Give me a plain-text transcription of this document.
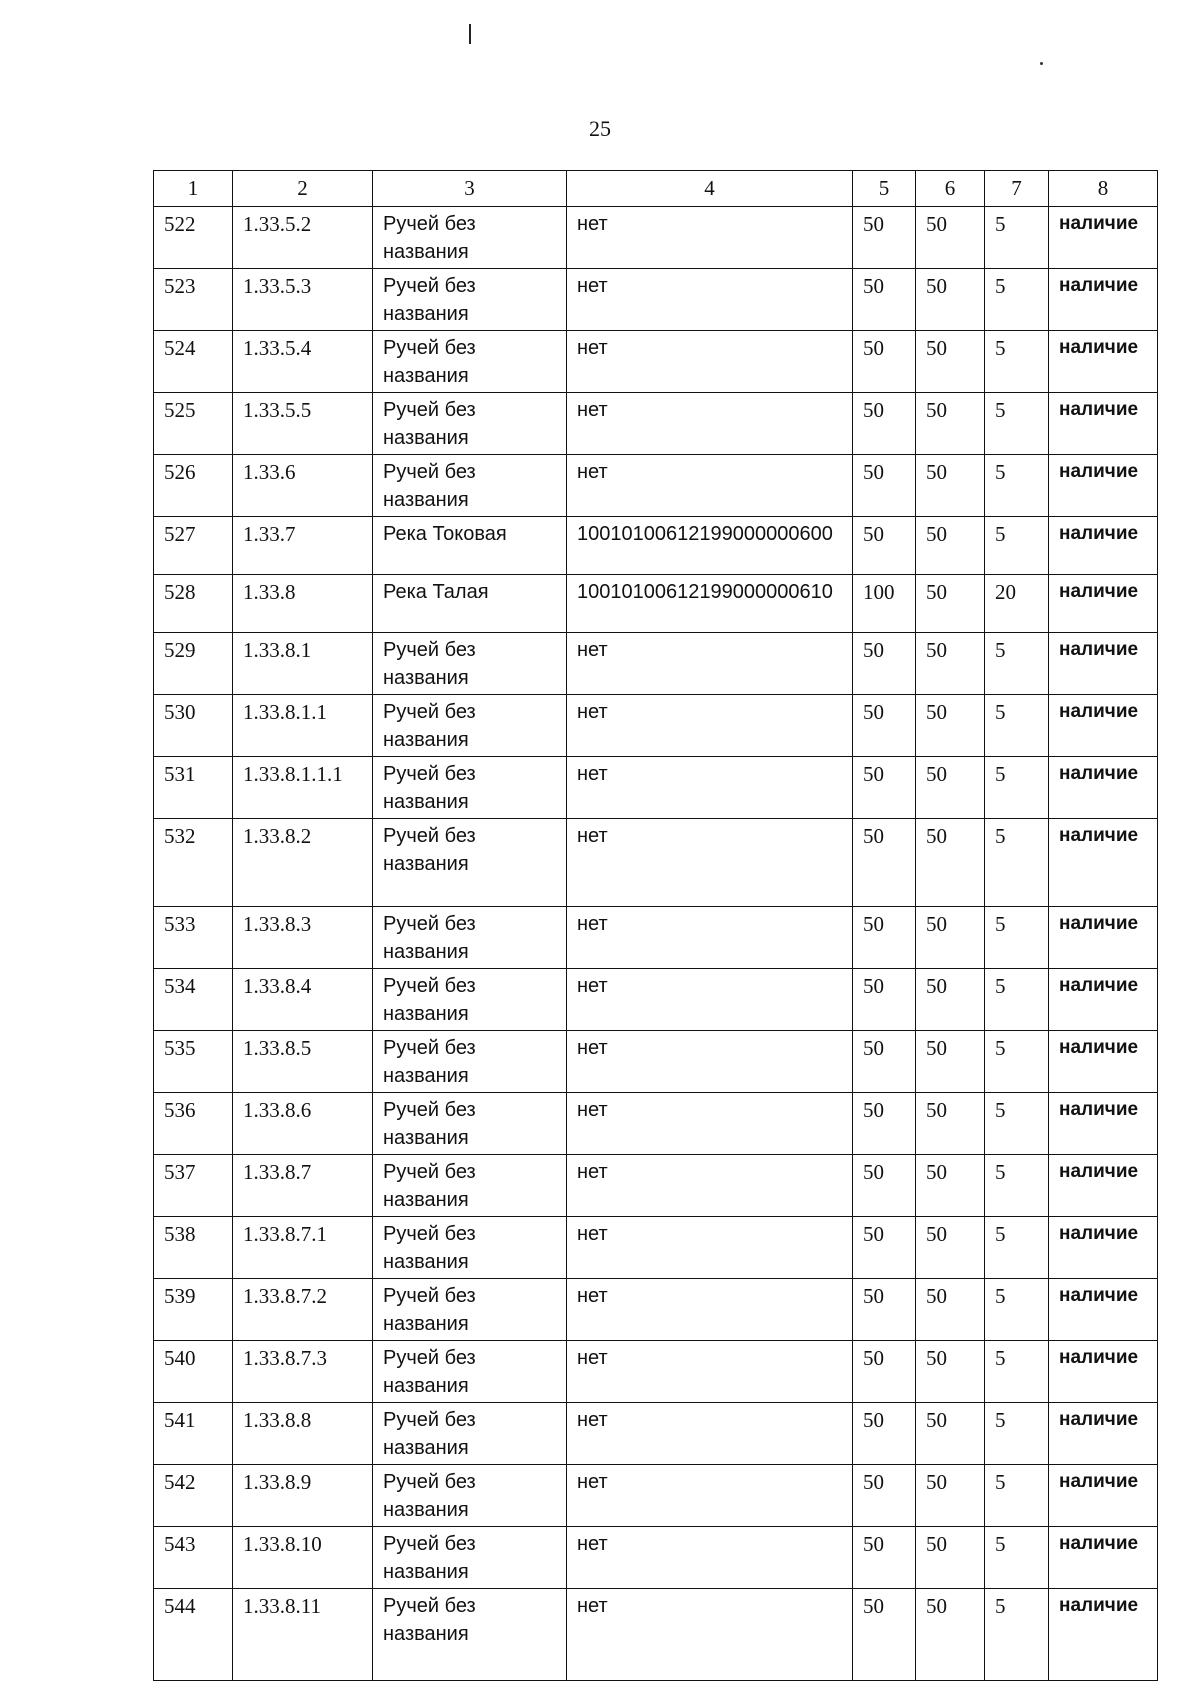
25
1	2	3	4	5	6	7	8
522	1.33.5.2	Ручей без названия	нет	50	50	5	наличие
523	1.33.5.3	Ручей без названия	нет	50	50	5	наличие
524	1.33.5.4	Ручей без названия	нет	50	50	5	наличие
525	1.33.5.5	Ручей без названия	нет	50	50	5	наличие
526	1.33.6	Ручей без названия	нет	50	50	5	наличие
527	1.33.7	Река Токовая	10010100612199000000600	50	50	5	наличие
528	1.33.8	Река Талая	10010100612199000000610	100	50	20	наличие
529	1.33.8.1	Ручей без названия	нет	50	50	5	наличие
530	1.33.8.1.1	Ручей без названия	нет	50	50	5	наличие
531	1.33.8.1.1.1	Ручей без названия	нет	50	50	5	наличие
532	1.33.8.2	Ручей без названия	нет	50	50	5	наличие
533	1.33.8.3	Ручей без названия	нет	50	50	5	наличие
534	1.33.8.4	Ручей без названия	нет	50	50	5	наличие
535	1.33.8.5	Ручей без названия	нет	50	50	5	наличие
536	1.33.8.6	Ручей без названия	нет	50	50	5	наличие
537	1.33.8.7	Ручей без названия	нет	50	50	5	наличие
538	1.33.8.7.1	Ручей без названия	нет	50	50	5	наличие
539	1.33.8.7.2	Ручей без названия	нет	50	50	5	наличие
540	1.33.8.7.3	Ручей без названия	нет	50	50	5	наличие
541	1.33.8.8	Ручей без названия	нет	50	50	5	наличие
542	1.33.8.9	Ручей без названия	нет	50	50	5	наличие
543	1.33.8.10	Ручей без названия	нет	50	50	5	наличие
544	1.33.8.11	Ручей без названия	нет	50	50	5	наличие
